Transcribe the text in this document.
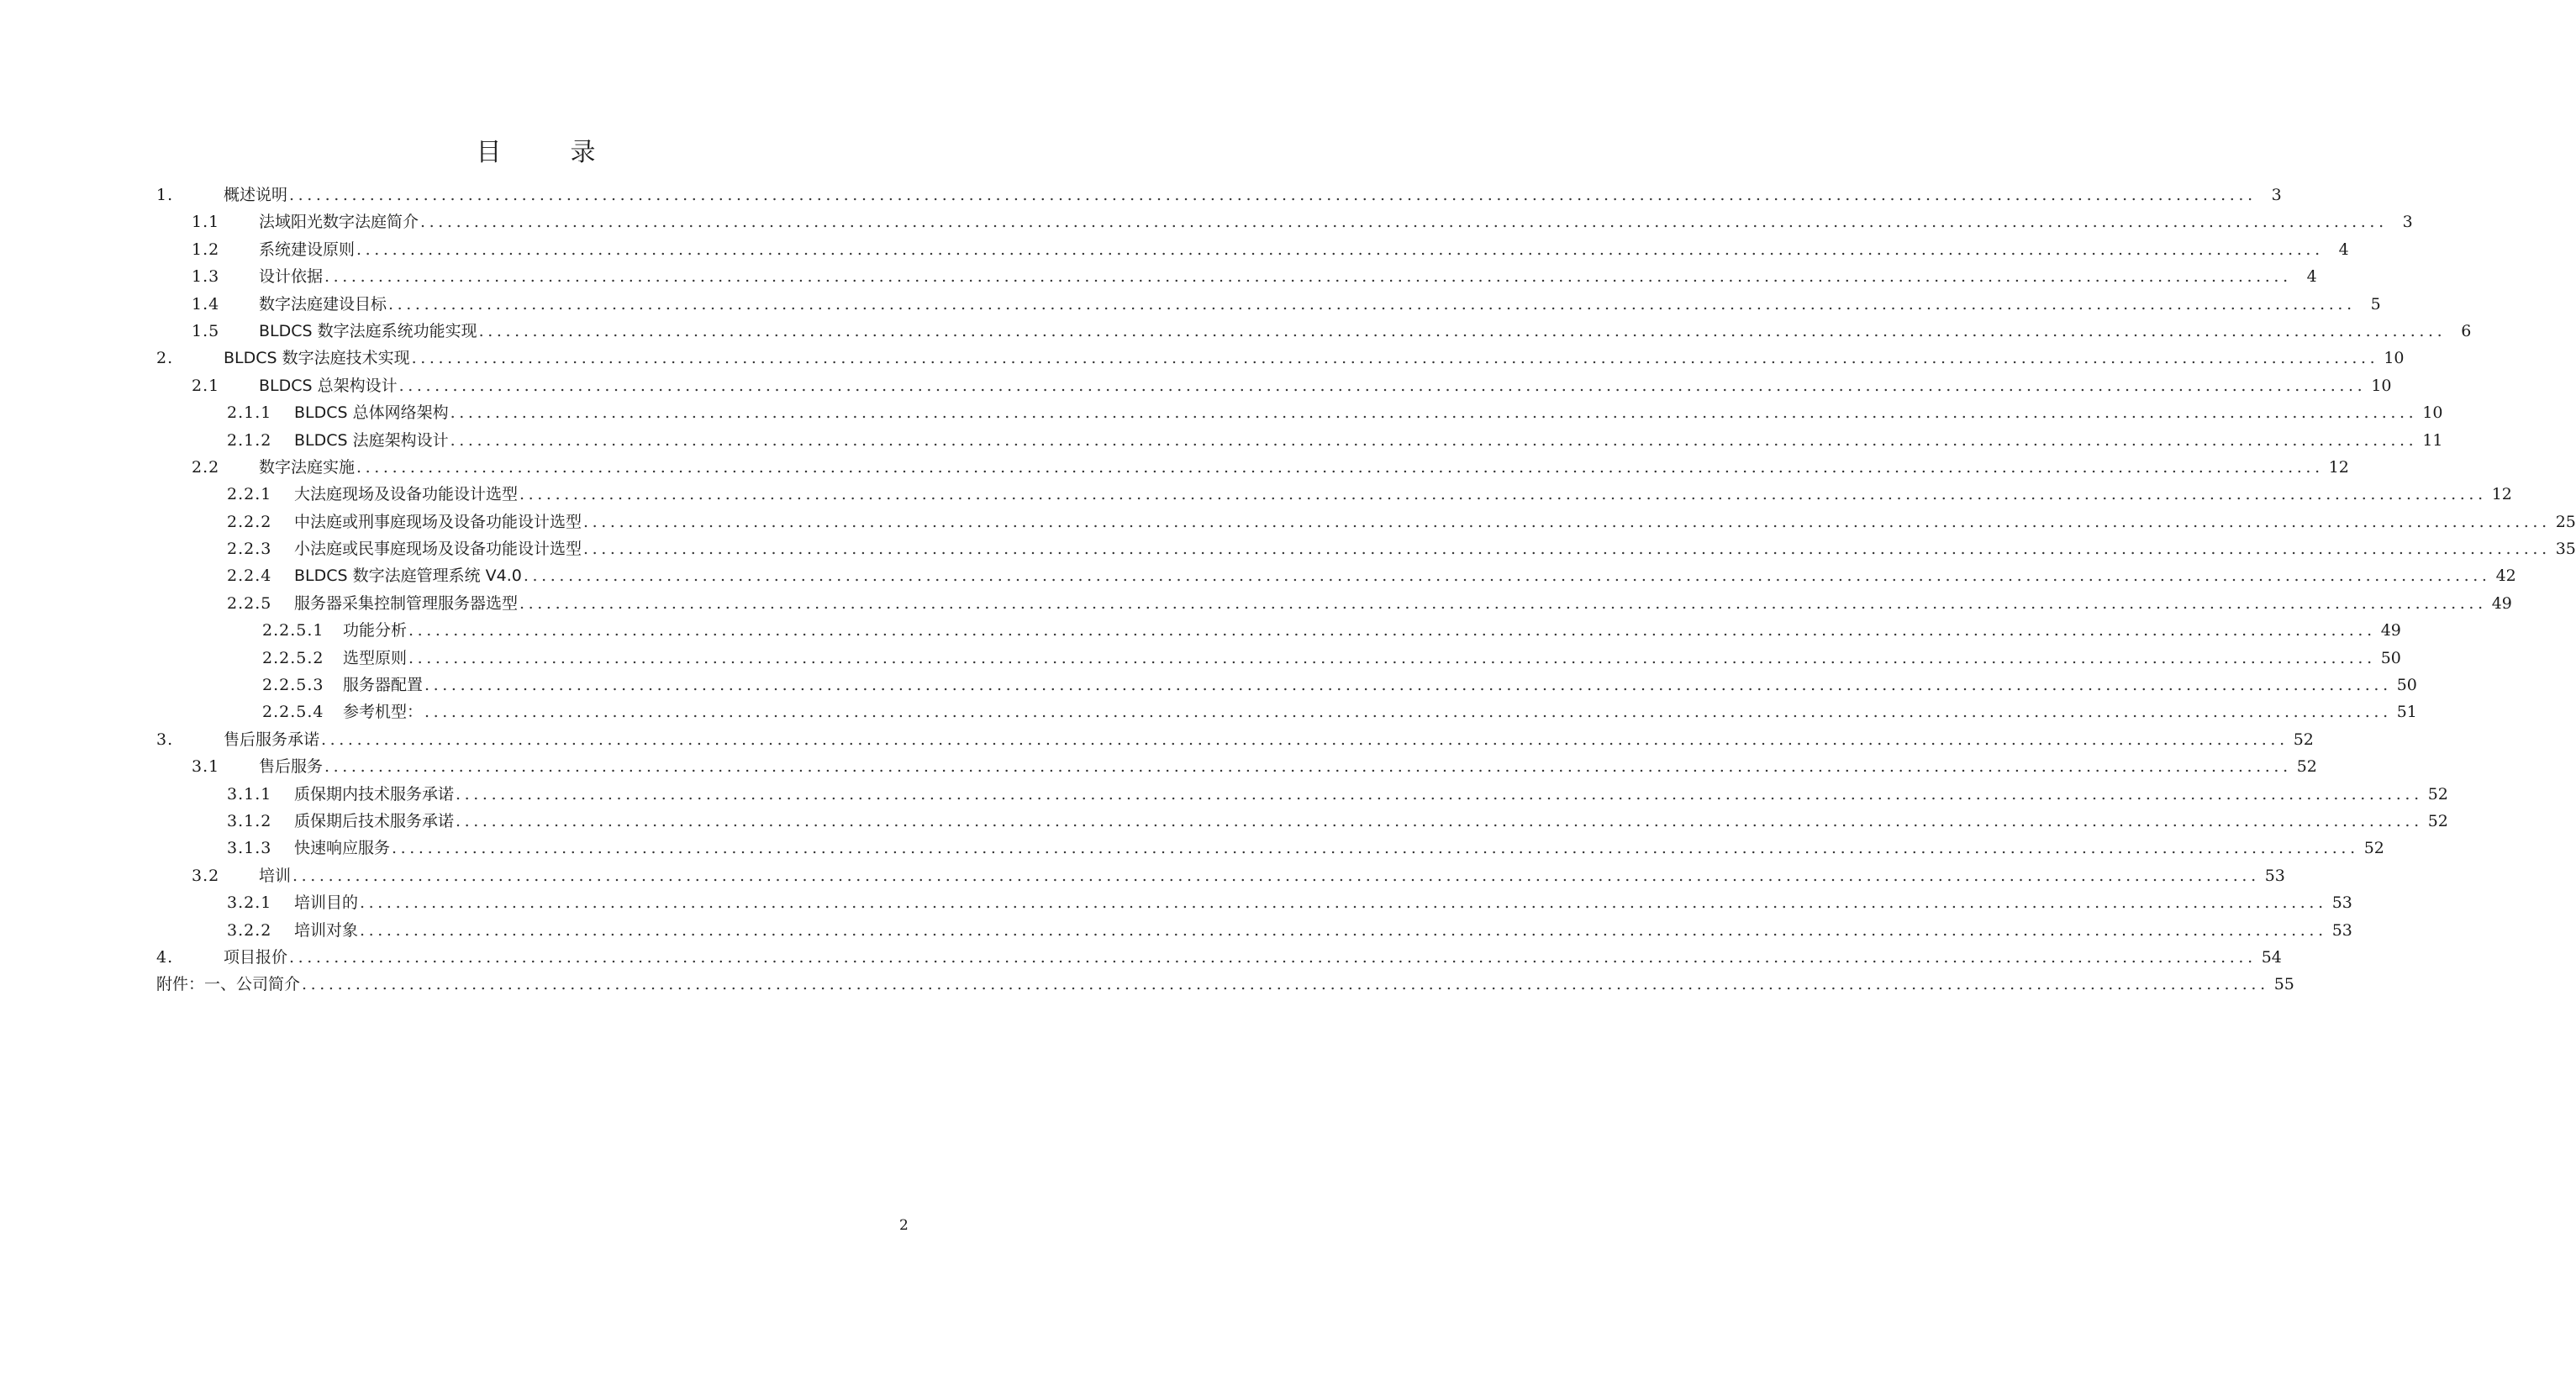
目　录
1.	概述说明 ............................................................................................................................................................................................................................ 3
1.1	法域阳光数字法庭简介 ............................................................................................................................................................................................................................ 3
1.2	系统建设原则 ............................................................................................................................................................................................................................ 4
1.3	设计依据 ............................................................................................................................................................................................................................ 4
1.4	数字法庭建设目标 ............................................................................................................................................................................................................................ 5
1.5	BLDCS 数字法庭系统功能实现 ............................................................................................................................................................................................................................ 6
2.	BLDCS 数字法庭技术实现 ............................................................................................................................................................................................................................ 10
2.1	BLDCS 总架构设计 ............................................................................................................................................................................................................................ 10
2.1.1	BLDCS 总体网络架构 ............................................................................................................................................................................................................................ 10
2.1.2	BLDCS 法庭架构设计 ............................................................................................................................................................................................................................ 11
2.2	数字法庭实施 ............................................................................................................................................................................................................................ 12
2.2.1	大法庭现场及设备功能设计选型 ............................................................................................................................................................................................................................ 12
2.2.2	中法庭或刑事庭现场及设备功能设计选型 ............................................................................................................................................................................................................................ 25
2.2.3	小法庭或民事庭现场及设备功能设计选型 ............................................................................................................................................................................................................................ 35
2.2.4	BLDCS 数字法庭管理系统 V4.0 ............................................................................................................................................................................................................................ 42
2.2.5	服务器采集控制管理服务器选型 ............................................................................................................................................................................................................................ 49
2.2.5.1	功能分析 ............................................................................................................................................................................................................................ 49
2.2.5.2	选型原则 ............................................................................................................................................................................................................................ 50
2.2.5.3	服务器配置 ............................................................................................................................................................................................................................ 50
2.2.5.4	参考机型： ............................................................................................................................................................................................................................ 51
3.	售后服务承诺 ............................................................................................................................................................................................................................ 52
3.1	售后服务 ............................................................................................................................................................................................................................ 52
3.1.1	质保期内技术服务承诺 ............................................................................................................................................................................................................................ 52
3.1.2	质保期后技术服务承诺 ............................................................................................................................................................................................................................ 52
3.1.3	快速响应服务 ............................................................................................................................................................................................................................ 52
3.2	培训 ............................................................................................................................................................................................................................ 53
3.2.1	培训目的 ............................................................................................................................................................................................................................ 53
3.2.2	培训对象 ............................................................................................................................................................................................................................ 53
4.	项目报价 ............................................................................................................................................................................................................................ 54
附件：一、公司简介 ............................................................................................................................................................................................................................ 55
2
